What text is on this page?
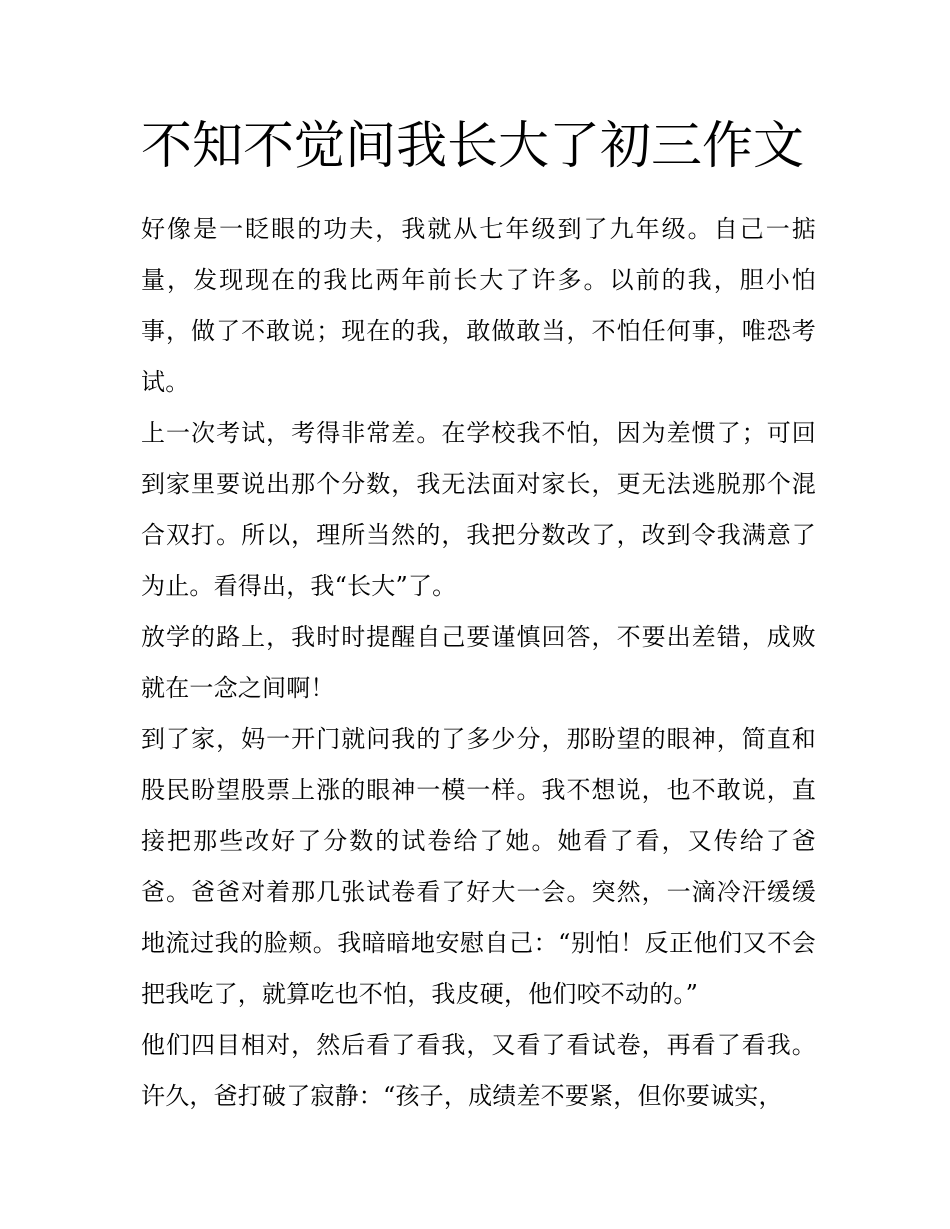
不知不觉间我长大了初三作文

好像是一眨眼的功夫，我就从七年级到了九年级。自己一掂量，发现现在的我比两年前长大了许多。以前的我，胆小怕事，做了不敢说；现在的我，敢做敢当，不怕任何事，唯恐考试。

上一次考试，考得非常差。在学校我不怕，因为差惯了；可回到家里要说出那个分数，我无法面对家长，更无法逃脱那个混合双打。所以，理所当然的，我把分数改了，改到令我满意了为止。看得出，我“长大”了。

放学的路上，我时时提醒自己要谨慎回答，不要出差错，成败就在一念之间啊！

到了家，妈一开门就问我的了多少分，那盼望的眼神，简直和股民盼望股票上涨的眼神一模一样。我不想说，也不敢说，直接把那些改好了分数的试卷给了她。她看了看，又传给了爸爸。爸爸对着那几张试卷看了好大一会。突然，一滴冷汗缓缓地流过我的脸颊。我暗暗地安慰自己：“别怕！反正他们又不会把我吃了，就算吃也不怕，我皮硬，他们咬不动的。”

他们四目相对，然后看了看我，又看了看试卷，再看了看我。许久，爸打破了寂静：“孩子，成绩差不要紧，但你要诚实，
